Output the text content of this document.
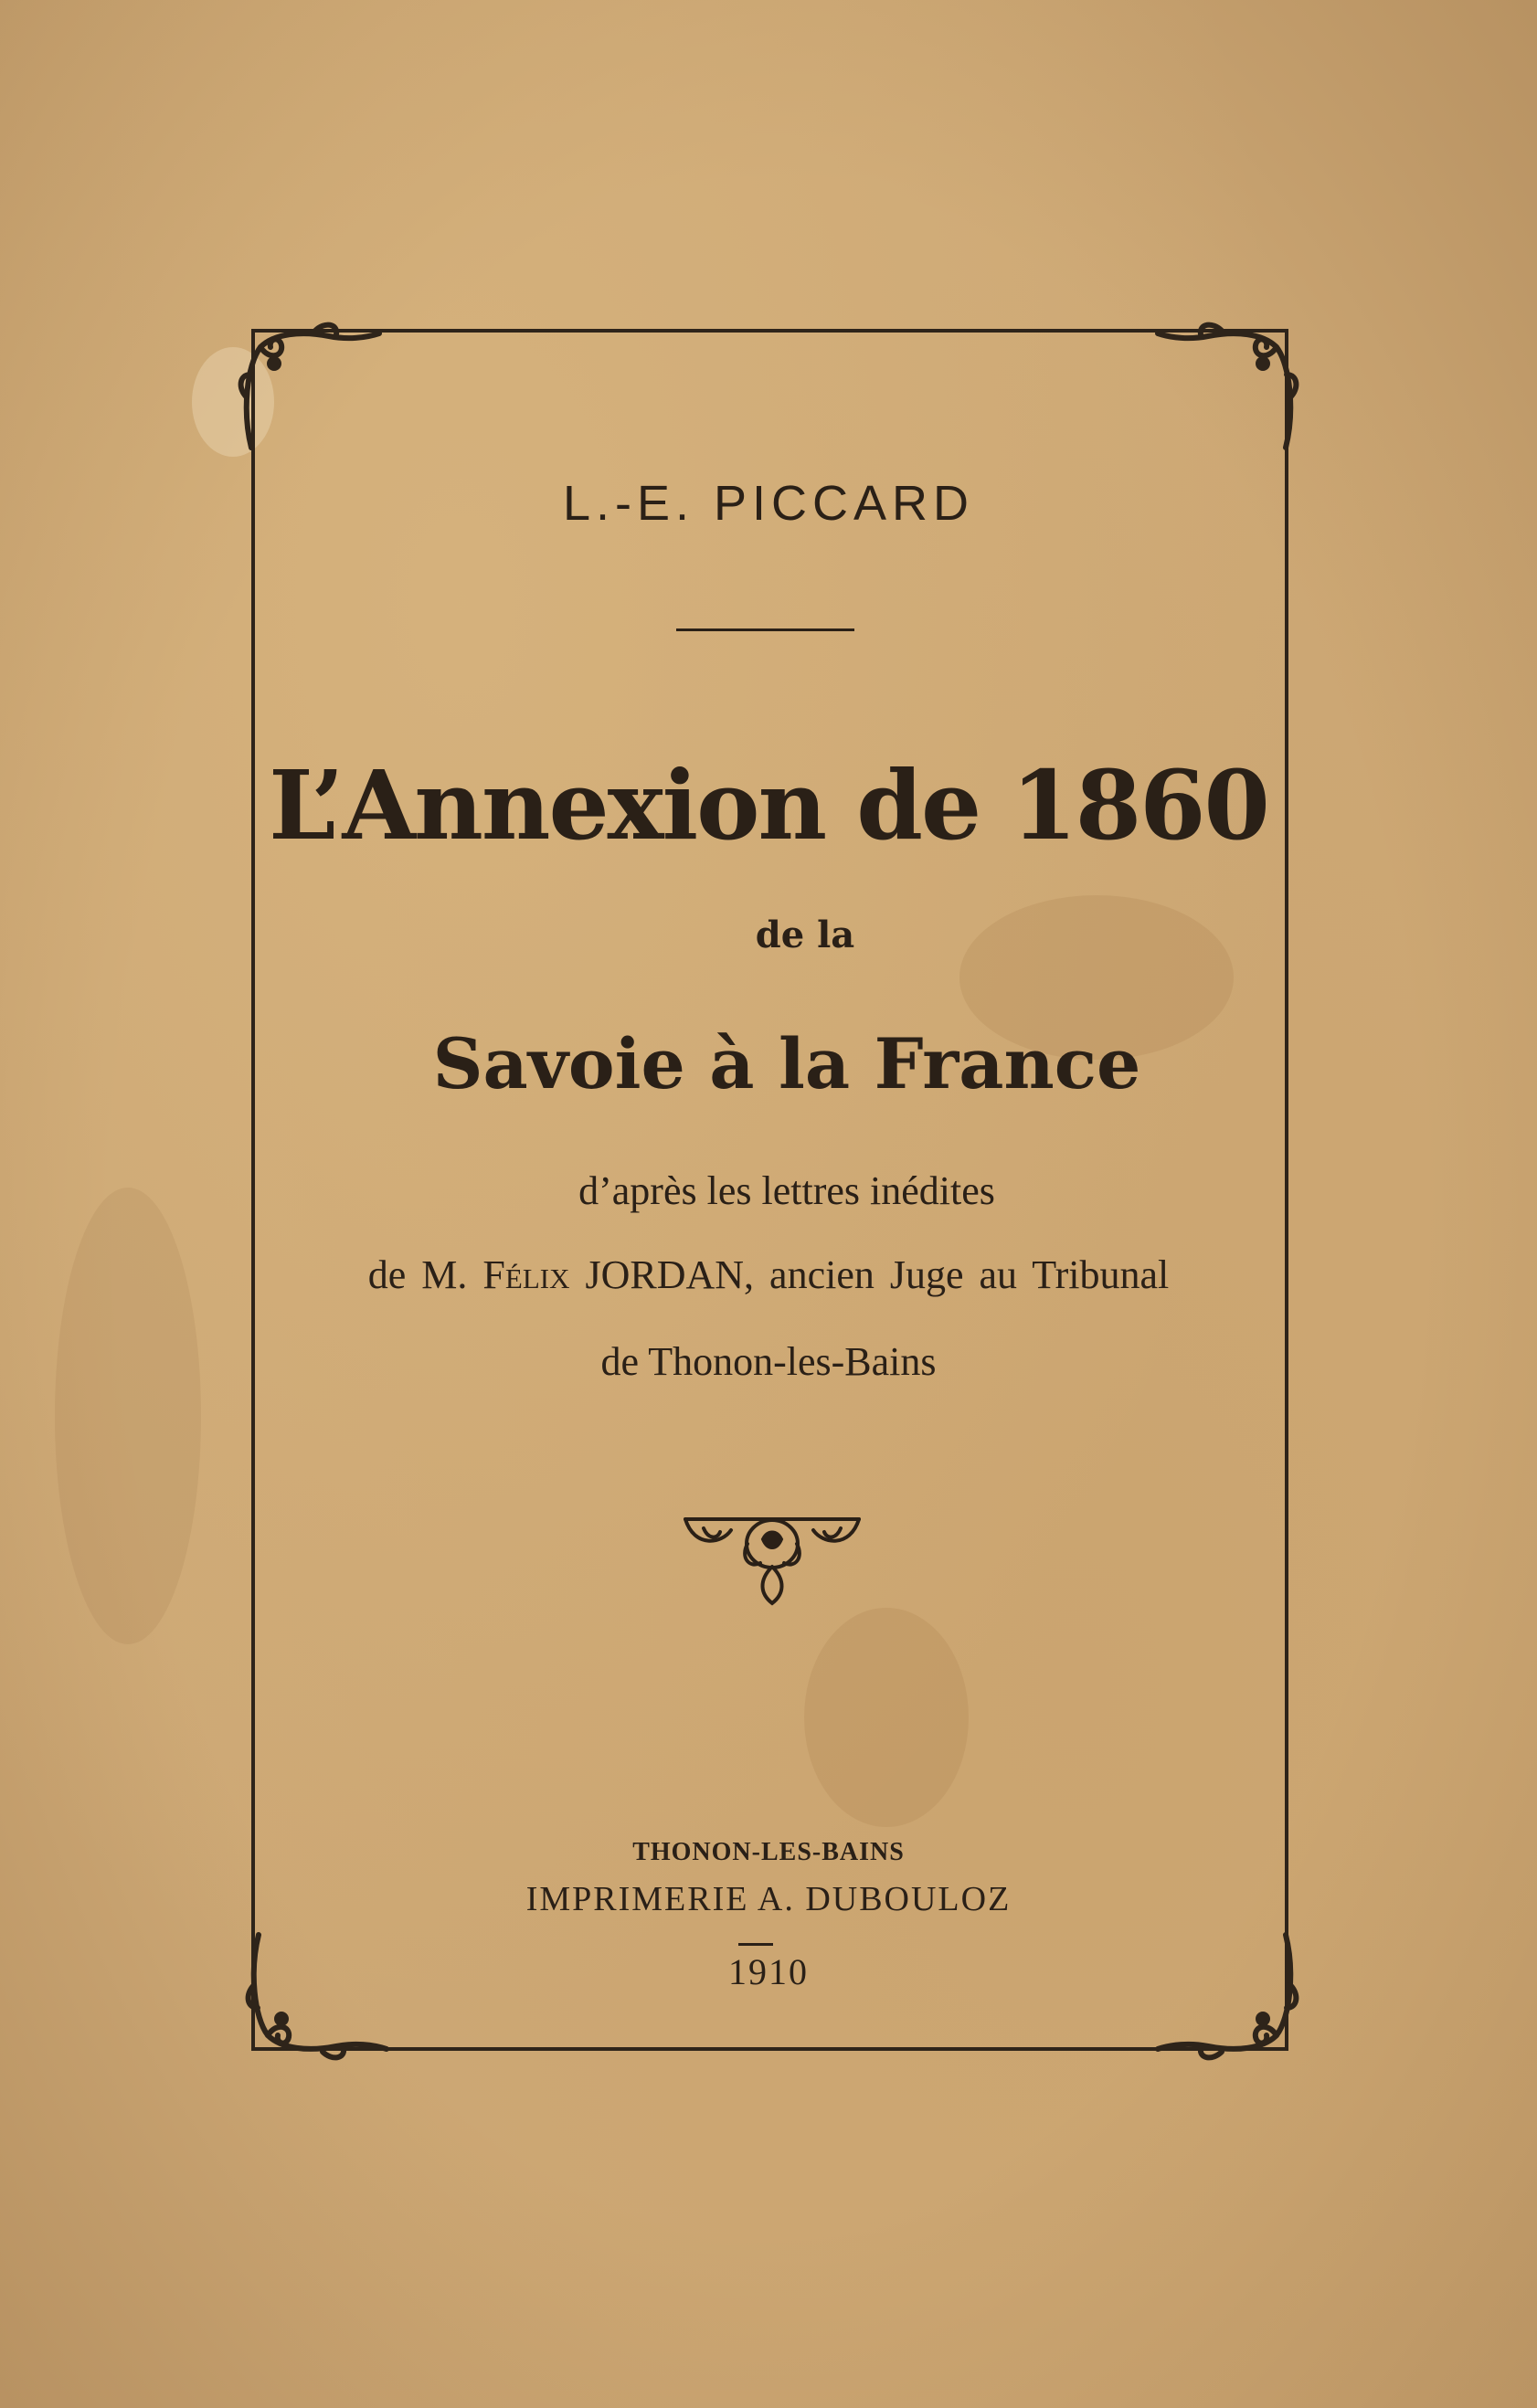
L.-E. PICCARD
L’Annexion de 1860
de la
Savoie à la France
d’après les lettres inédites
de M. Félix JORDAN, ancien Juge au Tribunal
de Thonon-les-Bains
THONON-LES-BAINS
IMPRIMERIE A. DUBOULOZ
1910
